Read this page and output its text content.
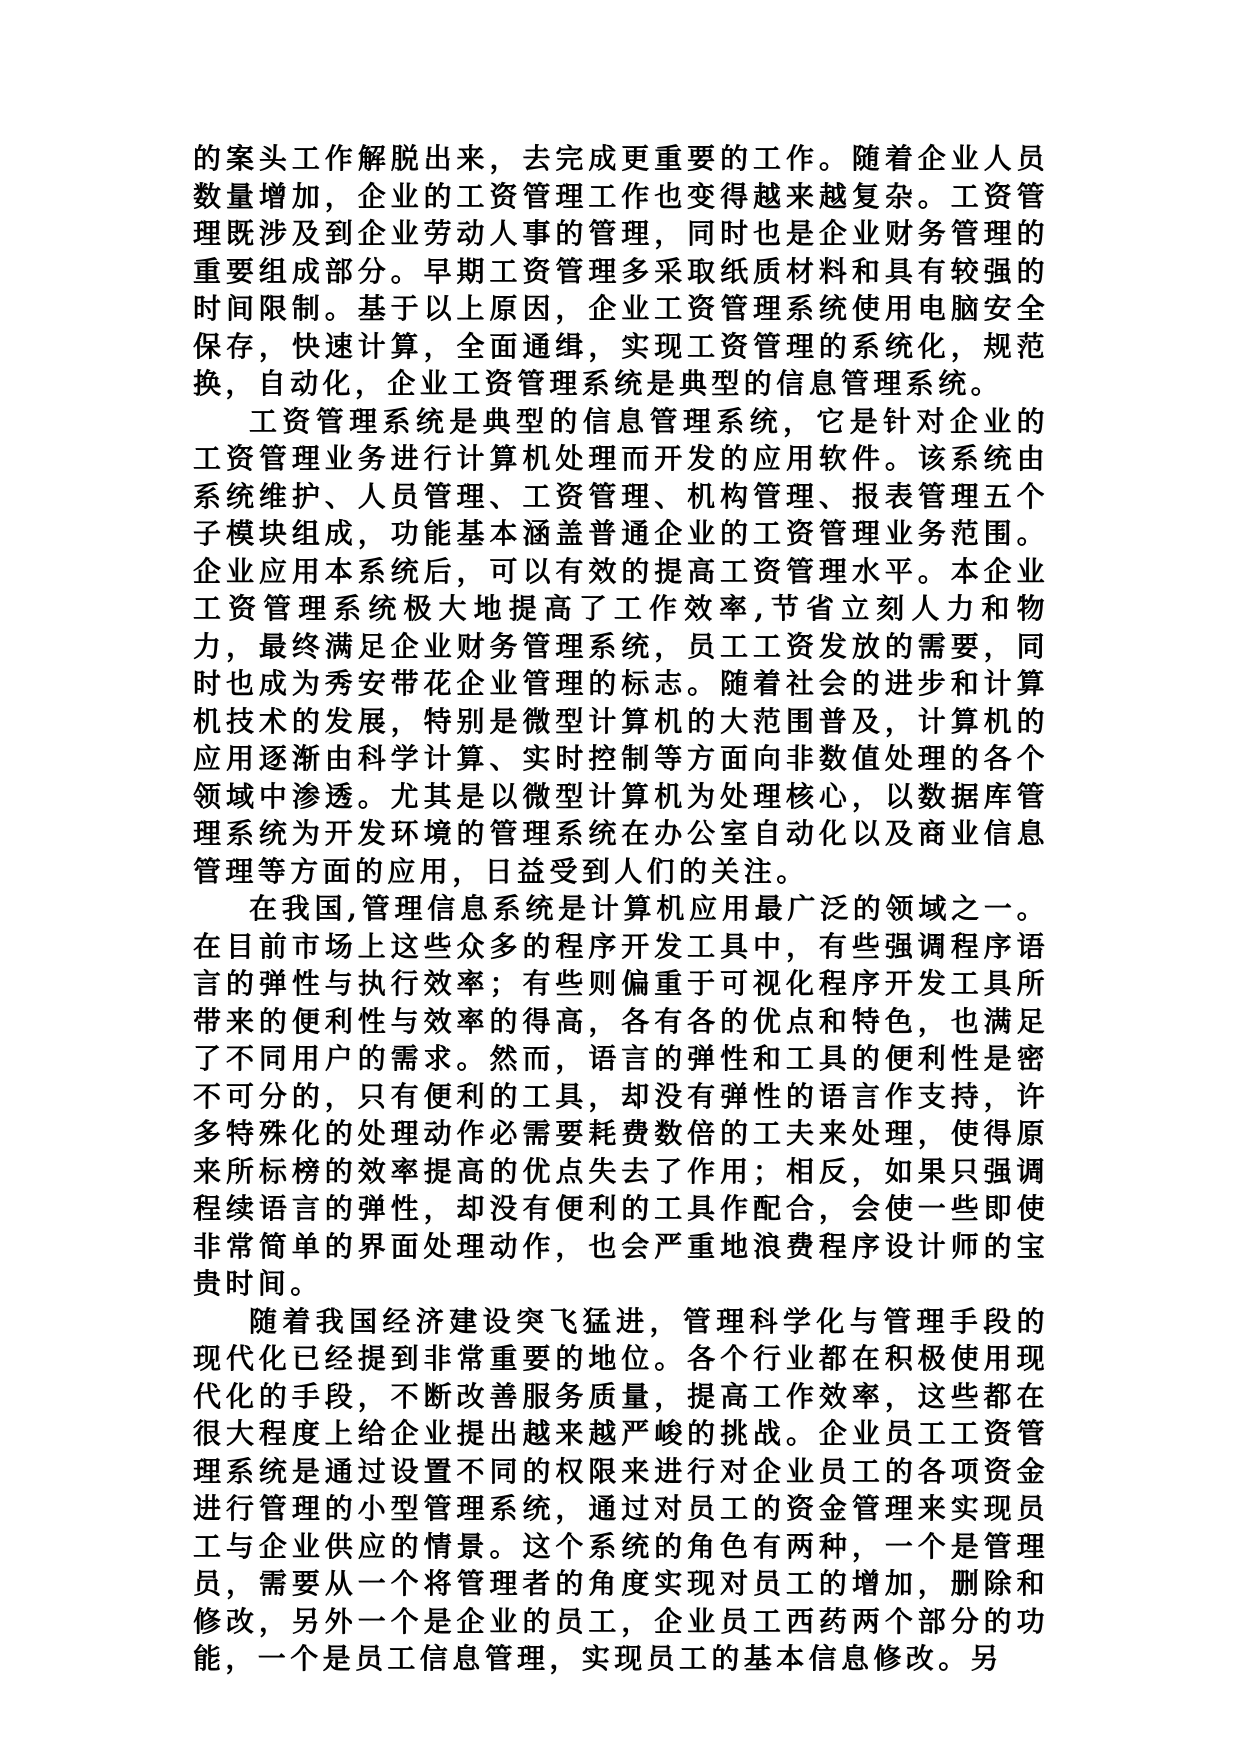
的案头工作解脱出来，去完成更重要的工作。随着企业人员数量增加，企业的工资管理工作也变得越来越复杂。工资管理既涉及到企业劳动人事的管理，同时也是企业财务管理的重要组成部分。早期工资管理多采取纸质材料和具有较强的时间限制。基于以上原因，企业工资管理系统使用电脑安全保存，快速计算，全面通缉，实现工资管理的系统化，规范换，自动化，企业工资管理系统是典型的信息管理系统。

工资管理系统是典型的信息管理系统，它是针对企业的工资管理业务进行计算机处理而开发的应用软件。该系统由系统维护、人员管理、工资管理、机构管理、报表管理五个子模块组成，功能基本涵盖普通企业的工资管理业务范围。企业应用本系统后，可以有效的提高工资管理水平。本企业工资管理系统极大地提高了工作效率,节省立刻人力和物力，最终满足企业财务管理系统，员工工资发放的需要，同时也成为秀安带花企业管理的标志。随着社会的进步和计算机技术的发展，特别是微型计算机的大范围普及，计算机的应用逐渐由科学计算、实时控制等方面向非数值处理的各个领域中渗透。尤其是以微型计算机为处理核心，以数据库管理系统为开发环境的管理系统在办公室自动化以及商业信息管理等方面的应用，日益受到人们的关注。

在我国,管理信息系统是计算机应用最广泛的领域之一。在目前市场上这些众多的程序开发工具中，有些强调程序语言的弹性与执行效率；有些则偏重于可视化程序开发工具所带来的便利性与效率的得高，各有各的优点和特色，也满足了不同用户的需求。然而，语言的弹性和工具的便利性是密不可分的，只有便利的工具，却没有弹性的语言作支持，许多特殊化的处理动作必需要耗费数倍的工夫来处理，使得原来所标榜的效率提高的优点失去了作用；相反，如果只强调程续语言的弹性，却没有便利的工具作配合，会使一些即使非常简单的界面处理动作，也会严重地浪费程序设计师的宝贵时间。

随着我国经济建设突飞猛进，管理科学化与管理手段的现代化已经提到非常重要的地位。各个行业都在积极使用现代化的手段，不断改善服务质量，提高工作效率，这些都在很大程度上给企业提出越来越严峻的挑战。企业员工工资管理系统是通过设置不同的权限来进行对企业员工的各项资金进行管理的小型管理系统，通过对员工的资金管理来实现员工与企业供应的情景。这个系统的角色有两种，一个是管理员，需要从一个将管理者的角度实现对员工的增加，删除和修改，另外一个是企业的员工，企业员工西药两个部分的功能，一个是员工信息管理，实现员工的基本信息修改。另
